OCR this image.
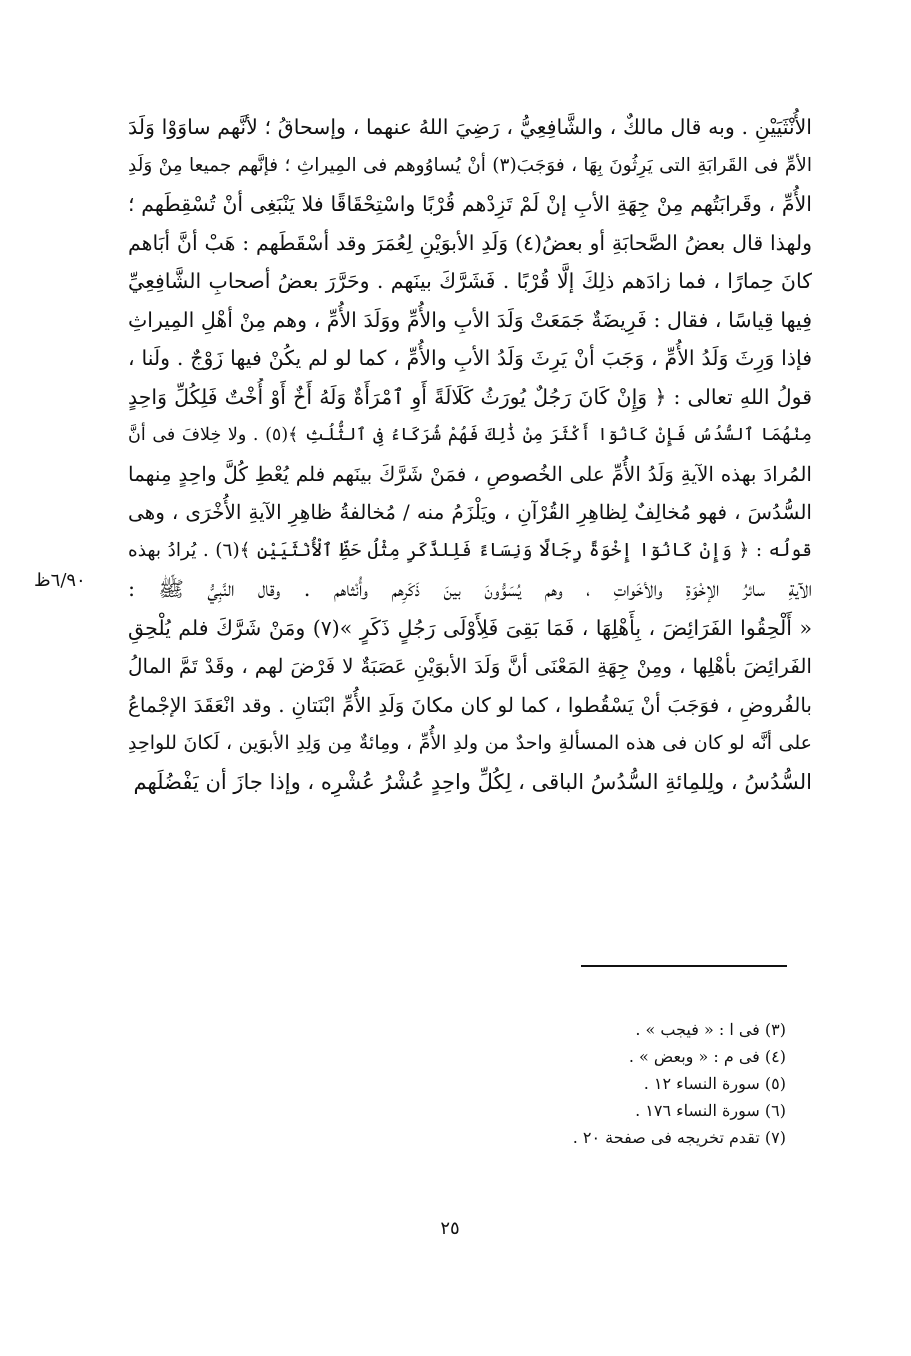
الأُنْثَيَيْنِ . وبه قال مالكٌ ، والشَّافِعِيُّ ، رَضِيَ اللهُ عنهما ، وإسحاقُ ؛ لأنَّهم ساوَوْا وَلَدَ
الأمِّ فى القَرابَةِ التى يَرِثُونَ بِهَا ، فوَجَبَ(٣) أنْ يُساوُوهم فى المِيراثِ ؛ فإنَّهم جميعا مِنْ وَلَدِ
الأُمِّ ، وقَرابَتُهم مِنْ جِهَةِ الأبِ إنْ لَمْ تَزِدْهم قُرْبًا واسْتِحْقَاقًا فلا يَنْبَغِى أنْ تُسْقِطَهم ؛
ولهذا قال بعضُ الصَّحابَةِ أو بعضُ(٤) وَلَدِ الأبوَيْنِ لِعُمَرَ وقد أسْقَطَهم : هَبْ أنَّ أبَاهم
كانَ حِمارًا ، فما زادَهم ذلِكَ إلَّا قُرْبًا . فَشَرَّكَ بينَهم . وحَرَّرَ بعضُ أصحابِ الشَّافِعِيِّ
فِيها قِياسًا ، فقال : فَرِيضَةٌ جَمَعَتْ وَلَدَ الأبِ والأُمِّ ووَلَدَ الأُمِّ ، وهم مِنْ أهْلِ المِيراثِ
فإذا وَرِثَ وَلَدُ الأُمِّ ، وَجَبَ أنْ يَرِثَ وَلَدُ الأبِ والأُمِّ ، كما لو لم يكُنْ فيها زَوْجٌ . ولَنا ،
قولُ اللهِ تعالى : ﴿ وَإِنْ كَانَ رَجُلٌ يُورَثُ كَلَالَةً أَوِ ٱمْرَأَةٌ وَلَهُ أَخٌ أَوْ أُخْتٌ فَلِكُلِّ وَاحِدٍ
مِنْهُمَا ٱلسُّدُسُ فَإِنْ كَانُوٓا أَكْثَرَ مِنْ ذَٰلِكَ فَهُمْ شُرَكَاءُ فِى ٱلثُّلُثِ ﴾(٥) . ولا خِلافَ فى أنَّ
المُرادَ بهذه الآيةِ وَلَدُ الأُمِّ على الخُصوصِ ، فمَنْ شَرَّكَ بينَهم فلم يُعْطِ كُلَّ واحِدٍ مِنهما
السُّدُسَ ، فهو مُخالِفٌ لِظاهِرِ القُرْآنِ ، ويَلْزَمُ منه / مُخالفةُ ظاهِرِ الآيةِ الأُخْرَى ، وهى
قولُه : ﴿ وَإِنْ كَانُوٓا إِخْوَةً رِجَالًا وَنِسَاءً فَلِلذَّكَرِ مِثْلُ حَظِّ ٱلْأُنْثَيَيْنِ ﴾(٦) . يُرادُ بهذه
الآيةِ سائرُ الإخْوَةِ والأخَواتِ ، وهم يُسَوُّونَ بينَ ذَكَرِهم وأُنْثاهم . وقال النَّبِيُّ ﷺ :
« أَلْحِقُوا الفَرَائِضَ ، بِأَهْلِهَا ، فَمَا بَقِىَ فَلِأَوْلَى رَجُلٍ ذَكَرٍ »(٧) ومَنْ شَرَّكَ فلم يُلْحِقِ
الفَرائِضَ بأهْلِها ، ومِنْ جِهَةِ المَعْنَى أنَّ وَلَدَ الأبوَيْنِ عَصَبَةٌ لا فَرْضَ لهم ، وقَدْ تَمَّ المالُ
بالفُروضِ ، فوَجَبَ أنْ يَسْقُطوا ، كما لو كان مكانَ وَلَدِ الأُمِّ ابْنَتانِ . وقد انْعَقَدَ الإجْماعُ
على أنَّه لو كان فى هذه المسألةِ واحدٌ من ولدِ الأُمِّ ، ومِائةٌ مِن وَلِدِ الأبوَين ، لَكانَ للواحِدِ
السُّدُسُ ، ولِلمِائةِ السُّدُسُ الباقى ، لِكُلِّ واحِدٍ عُشْرُ عُشْرِه ، وإذا جازَ أن يَفْضُلَهم
٦/٩٠ظ
(٣) فى ا : « فيجب » .
(٤) فى م : « وبعض » .
(٥) سورة النساء ١٢ .
(٦) سورة النساء ١٧٦ .
(٧) تقدم تخريجه فى صفحة ٢٠ .
٢٥
